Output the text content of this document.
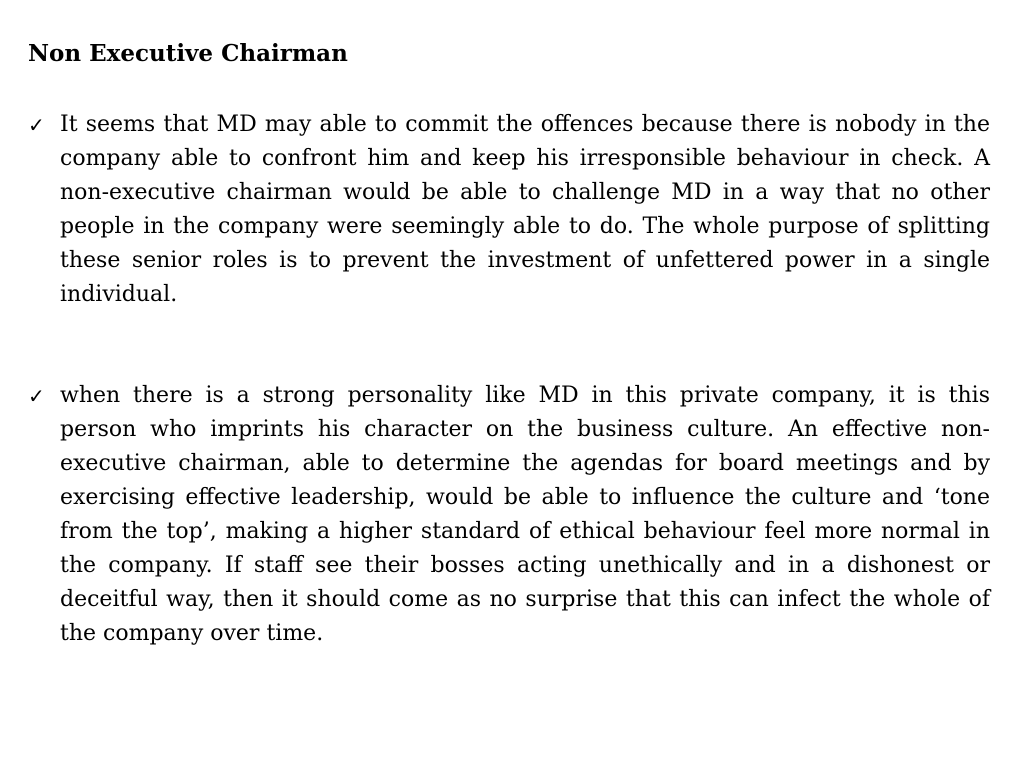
Non Executive Chairman
✓ It seems that MD may able to commit the offences because there is nobody in the company able to confront him and keep his irresponsible behaviour in check. A non-executive chairman would be able to challenge MD in a way that no other people in the company were seemingly able to do. The whole purpose of splitting these senior roles is to prevent the investment of unfettered power in a single individual.
✓ when there is a strong personality like MD in this private company, it is this person who imprints his character on the business culture. An effective non-executive chairman, able to determine the agendas for board meetings and by exercising effective leadership, would be able to influence the culture and ‘tone from the top’, making a higher standard of ethical behaviour feel more normal in the company. If staff see their bosses acting unethically and in a dishonest or deceitful way, then it should come as no surprise that this can infect the whole of the company over time.
